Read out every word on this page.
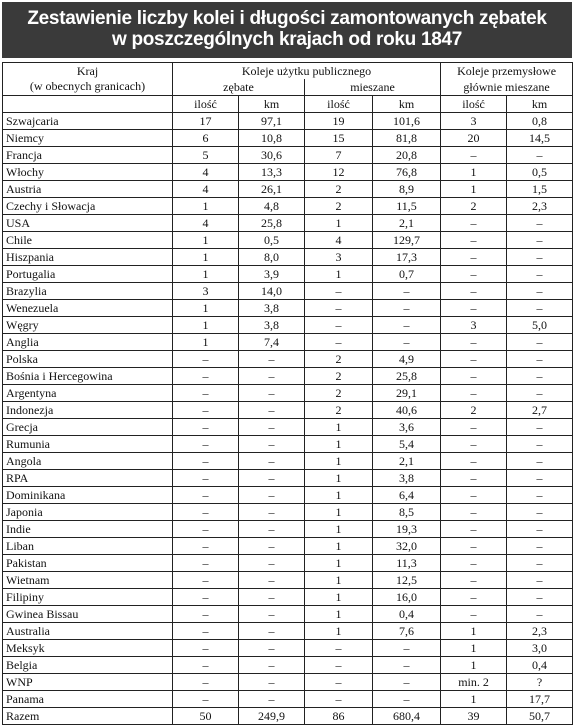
Zestawienie liczby kolei i długości zamontowanych zębatek
w poszczególnych krajach od roku 1847
Kraj
(w obecnych granicach)	Koleje użytku publicznego				Koleje przemysłowe	
	zębate		mieszane		głównie mieszane	
	ilość	km	ilość	km	ilość	km
Szwajcaria	17	97,1	19	101,6	3	0,8
Niemcy	6	10,8	15	81,8	20	14,5
Francja	5	30,6	7	20,8	–	–
Włochy	4	13,3	12	76,8	1	0,5
Austria	4	26,1	2	8,9	1	1,5
Czechy i Słowacja	1	4,8	2	11,5	2	2,3
USA	4	25,8	1	2,1	–	–
Chile	1	0,5	4	129,7	–	–
Hiszpania	1	8,0	3	17,3	–	–
Portugalia	1	3,9	1	0,7	–	–
Brazylia	3	14,0	–	–	–	–
Wenezuela	1	3,8	–	–	–	–
Węgry	1	3,8	–	–	3	5,0
Anglia	1	7,4	–	–	–	–
Polska	–	–	2	4,9	–	–
Bośnia i Hercegowina	–	–	2	25,8	–	–
Argentyna	–	–	2	29,1	–	–
Indonezja	–	–	2	40,6	2	2,7
Grecja	–	–	1	3,6	–	–
Rumunia	–	–	1	5,4	–	–
Angola	–	–	1	2,1	–	–
RPA	–	–	1	3,8	–	–
Dominikana	–	–	1	6,4	–	–
Japonia	–	–	1	8,5	–	–
Indie	–	–	1	19,3	–	–
Liban	–	–	1	32,0	–	–
Pakistan	–	–	1	11,3	–	–
Wietnam	–	–	1	12,5	–	–
Filipiny	–	–	1	16,0	–	–
Gwinea Bissau	–	–	1	0,4	–	–
Australia	–	–	1	7,6	1	2,3
Meksyk	–	–	–	–	1	3,0
Belgia	–	–	–	–	1	0,4
WNP	–	–	–	–	min. 2	?
Panama	–	–	–	–	1	17,7
Razem	50	249,9	86	680,4	39	50,7
